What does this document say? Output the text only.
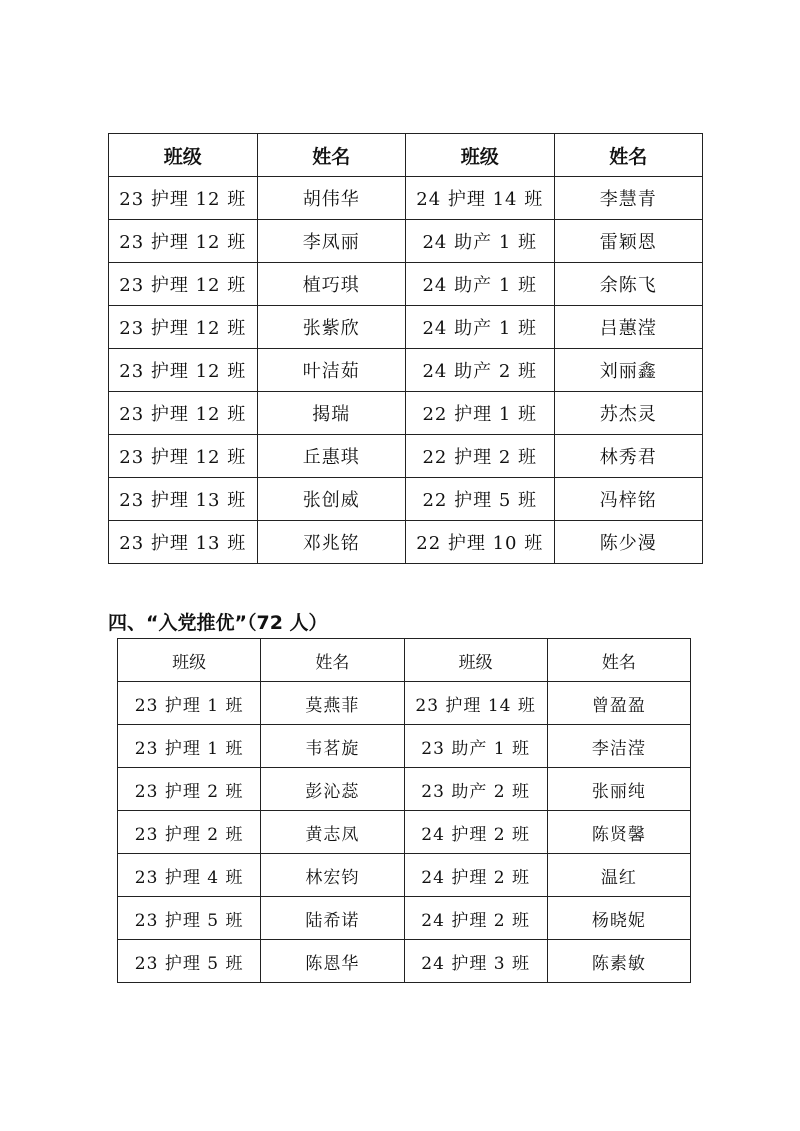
班级	姓名	班级	姓名
23 护理 12 班	胡伟华	24 护理 14 班	李慧青
23 护理 12 班	李凤丽	24 助产 1 班	雷颖恩
23 护理 12 班	植巧琪	24 助产 1 班	余陈飞
23 护理 12 班	张紫欣	24 助产 1 班	吕蕙滢
23 护理 12 班	叶洁茹	24 助产 2 班	刘丽鑫
23 护理 12 班	揭瑞	22 护理 1 班	苏杰灵
23 护理 12 班	丘惠琪	22 护理 2 班	林秀君
23 护理 13 班	张创威	22 护理 5 班	冯梓铭
23 护理 13 班	邓兆铭	22 护理 10 班	陈少漫
四、“入党推优”（72 人）
班级	姓名	班级	姓名
23 护理 1 班	莫燕菲	23 护理 14 班	曾盈盈
23 护理 1 班	韦茗旋	23 助产 1 班	李洁滢
23 护理 2 班	彭沁蕊	23 助产 2 班	张丽纯
23 护理 2 班	黄志凤	24 护理 2 班	陈贤馨
23 护理 4 班	林宏钧	24 护理 2 班	温红
23 护理 5 班	陆希诺	24 护理 2 班	杨晓妮
23 护理 5 班	陈恩华	24 护理 3 班	陈素敏
